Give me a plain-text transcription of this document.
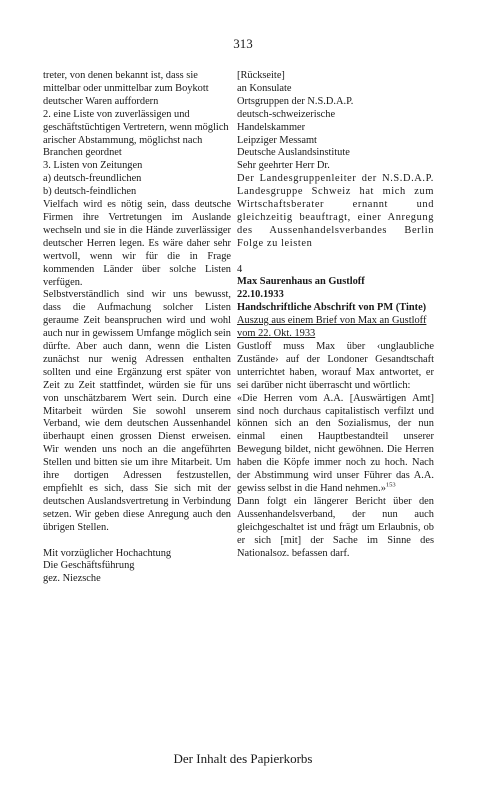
313

treter, von denen bekannt ist, dass sie mittelbar oder unmittelbar zum Boykott deutscher Waren auffordern

2. eine Liste von zuverlässigen und geschäftstüchtigen Vertretern, wenn möglich arischer Abstammung, möglichst nach Branchen geordnet

3. Listen von Zeitungen

a) deutsch-freundlichen

b) deutsch-feindlichen

Vielfach wird es nötig sein, dass deutsche Firmen ihre Vertretungen im Auslande wechseln und sie in die Hände zuverlässiger deutscher Herren legen. Es wäre daher sehr wertvoll, wenn wir für die in Frage kommenden Länder über solche Listen verfügen.

Selbstverständlich sind wir uns bewusst, dass die Aufmachung solcher Listen geraume Zeit beanspruchen wird und wohl auch nur in gewissem Umfange möglich sein dürfte. Aber auch dann, wenn die Listen zunächst nur wenig Adressen enthalten sollten und eine Ergänzung erst später von Zeit zu Zeit stattfindet, würden sie für uns von unschätzbarem Wert sein. Durch eine Mitarbeit würden Sie sowohl unserem Verband, wie dem deutschen Aussenhandel überhaupt einen grossen Dienst erweisen. Wir wenden uns noch an die angeführten Stellen und bitten sie um ihre Mitarbeit. Um ihre dortigen Adressen festzustellen, empfiehlt es sich, dass Sie sich mit der deutschen Auslandsvertretung in Verbindung setzen. Wir geben diese Anregung auch den übrigen Stellen.

Mit vorzüglicher Hochachtung

Die Geschäftsführung

gez. Niezsche

[Rückseite]

an Konsulate

Ortsgruppen der N.S.D.A.P.

deutsch-schweizerische

Handelskammer

Leipziger Messamt

Deutsche Auslandsinstitute

Sehr geehrter Herr Dr.

Der Landesgruppenleiter der N.S.D.A.P. Landesgruppe Schweiz hat mich zum Wirtschaftsberater ernannt und gleichzeitig beauftragt, einer Anregung des Aussenhandelsverbandes Berlin Folge zu leisten

4

Max Saurenhaus an Gustloff

22.10.1933

Handschriftliche Abschrift von PM (Tinte)

Auszug aus einem Brief von Max an Gustloff vom 22. Okt. 1933

Gustloff muss Max über ‹unglaubliche Zustände› auf der Londoner Gesandtschaft unterrichtet haben, worauf Max antwortet, er sei darüber nicht überrascht und wörtlich:

«Die Herren vom A.A. [Auswärtigen Amt] sind noch durchaus capitalistisch verfilzt und können sich an den Sozialismus, der nun einmal einen Hauptbestandteil unserer Bewegung bildet, nicht gewöhnen. Die Herren haben die Köpfe immer noch zu hoch. Nach der Abstimmung wird unser Führer das A.A. gewiss selbst in die Hand nehmen.»$^{153}$

Dann folgt ein längerer Bericht über den Aussenhandelsverband, der nun auch gleichgeschaltet ist und frägt um Erlaubnis, ob er sich [mit] der Sache im Sinne des Nationalsoz. befassen darf.

Der Inhalt des Papierkorbs
